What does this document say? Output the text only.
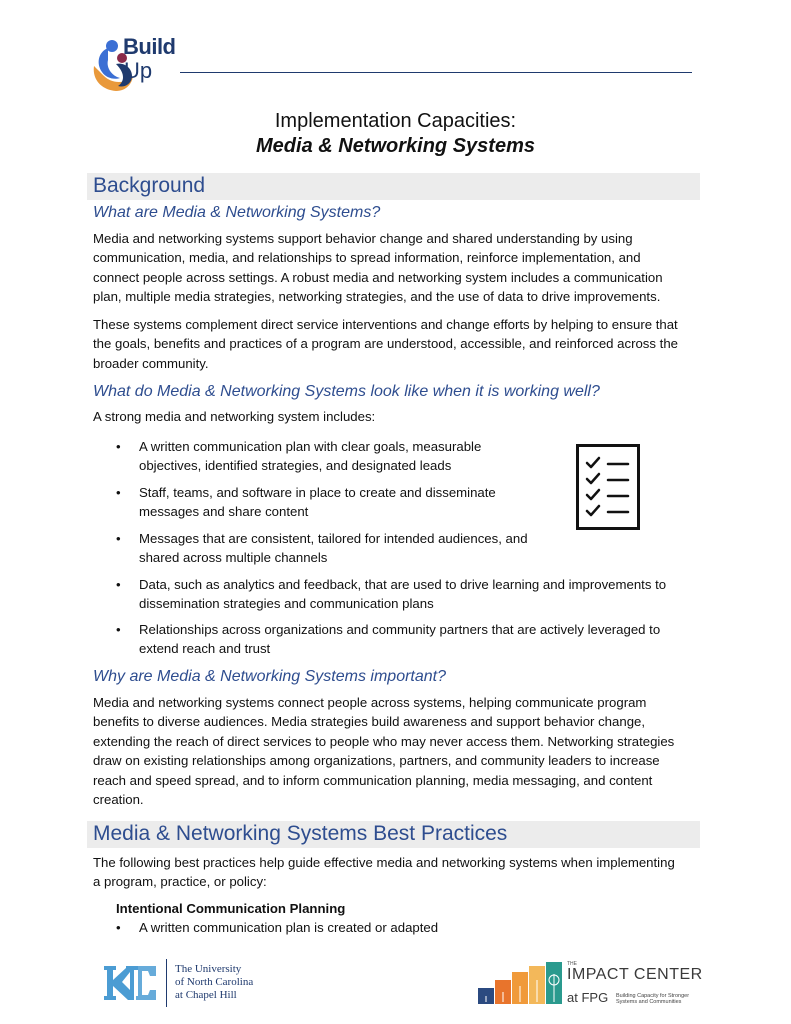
Build
Up
Implementation Capacities:
Media & Networking Systems
Background
What are Media & Networking Systems?
Media and networking systems support behavior change and shared understanding by using
communication, media, and relationships to spread information, reinforce implementation, and
connect people across settings. A robust media and networking system includes a communication
plan, multiple media strategies, networking strategies, and the use of data to drive improvements.
These systems complement direct service interventions and change efforts by helping to ensure that
the goals, benefits and practices of a program are understood, accessible, and reinforced across the
broader community.
What do Media & Networking Systems look like when it is working well?
A strong media and networking system includes:
• A written communication plan with clear goals, measurable
objectives, identified strategies, and designated leads
• Staff, teams, and software in place to create and disseminate
messages and share content
• Messages that are consistent, tailored for intended audiences, and
shared across multiple channels
• Data, such as analytics and feedback, that are used to drive learning and improvements to
dissemination strategies and communication plans
• Relationships across organizations and community partners that are actively leveraged to
extend reach and trust
Why are Media & Networking Systems important?
Media and networking systems connect people across systems, helping communicate program
benefits to diverse audiences. Media strategies build awareness and support behavior change,
extending the reach of direct services to people who may never access them. Networking strategies
draw on existing relationships among organizations, partners, and community leaders to increase
reach and speed spread, and to inform communication planning, media messaging, and content
creation.
Media & Networking Systems Best Practices
The following best practices help guide effective media and networking systems when implementing
a program, practice, or policy:
Intentional Communication Planning
• A written communication plan is created or adapted
The University
of North Carolina
at Chapel Hill
THE
IMPACT CENTER
at FPG Building Capacity for Stronger
Systems and Communities
